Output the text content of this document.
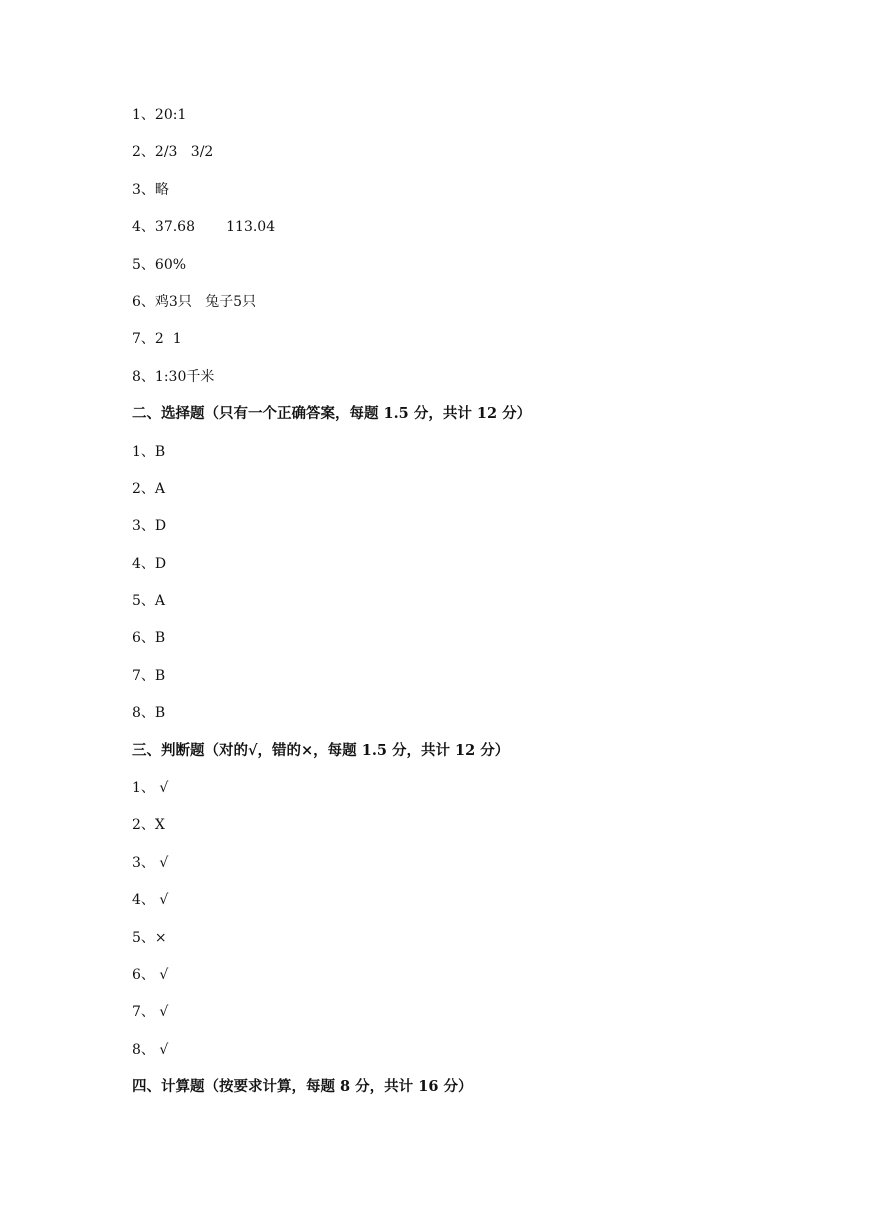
1、20:1
2、2/3   3/2
3、略
4、37.68       113.04
5、60%
6、鸡3只   兔子5只
7、2  1
8、1:30千米
二、选择题（只有一个正确答案，每题 1.5 分，共计 12 分）
1、B
2、A
3、D
4、D
5、A
6、B
7、B
8、B
三、判断题（对的√，错的×，每题 1.5 分，共计 12 分）
1、 √
2、X
3、 √
4、 √
5、×
6、 √
7、 √
8、 √
四、计算题（按要求计算，每题 8 分，共计 16 分）
